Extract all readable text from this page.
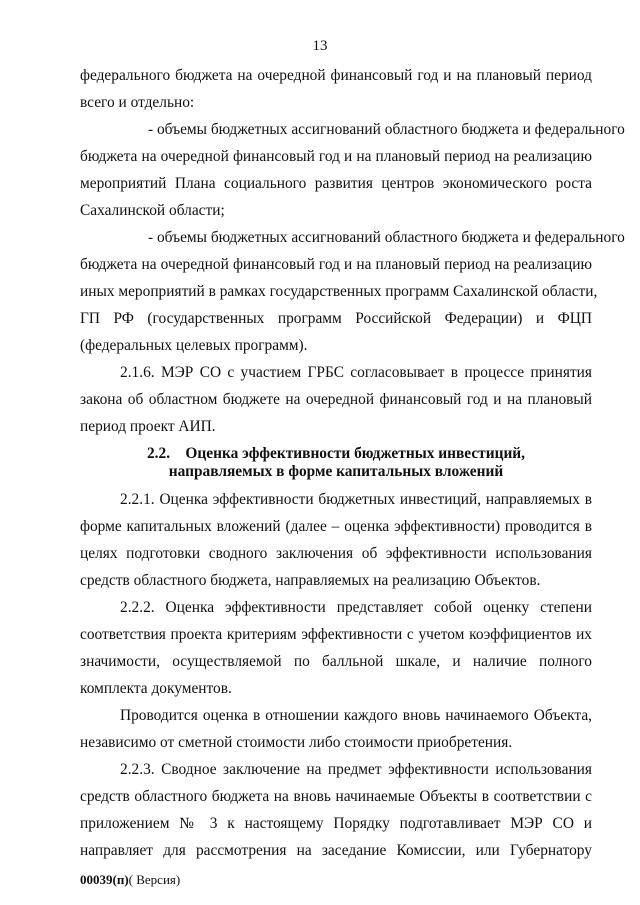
13
федерального бюджета на очередной финансовый год и на плановый период
всего и отдельно:
- объемы бюджетных ассигнований областного бюджета и федерального
бюджета на очередной финансовый год и на плановый период на реализацию
мероприятий Плана социального развития центров экономического роста
Сахалинской области;
- объемы бюджетных ассигнований областного бюджета и федерального
бюджета на очередной финансовый год и на плановый период на реализацию
иных мероприятий в рамках государственных программ Сахалинской области,
ГП РФ (государственных программ Российской Федерации) и ФЦП
(федеральных целевых программ).
2.1.6. МЭР СО с участием ГРБС согласовывает в процессе принятия
закона об областном бюджете на очередной финансовый год и на плановый
период проект АИП.
2.2.    Оценка эффективности бюджетных инвестиций,
направляемых в форме капитальных вложений
2.2.1. Оценка эффективности бюджетных инвестиций, направляемых в
форме капитальных вложений (далее – оценка эффективности) проводится в
целях подготовки сводного заключения об эффективности использования
средств областного бюджета, направляемых на реализацию Объектов.
2.2.2. Оценка эффективности представляет собой оценку степени
соответствия проекта критериям эффективности с учетом коэффициентов их
значимости, осуществляемой по балльной шкале, и наличие полного
комплекта документов.
Проводится оценка в отношении каждого вновь начинаемого Объекта,
независимо от сметной стоимости либо стоимости приобретения.
2.2.3. Сводное заключение на предмет эффективности использования
средств областного бюджета на вновь начинаемые Объекты в соответствии с
приложением № 3 к настоящему Порядку подготавливает МЭР СО и
направляет для рассмотрения на заседание Комиссии, или Губернатору
00039(п)( Версия)
